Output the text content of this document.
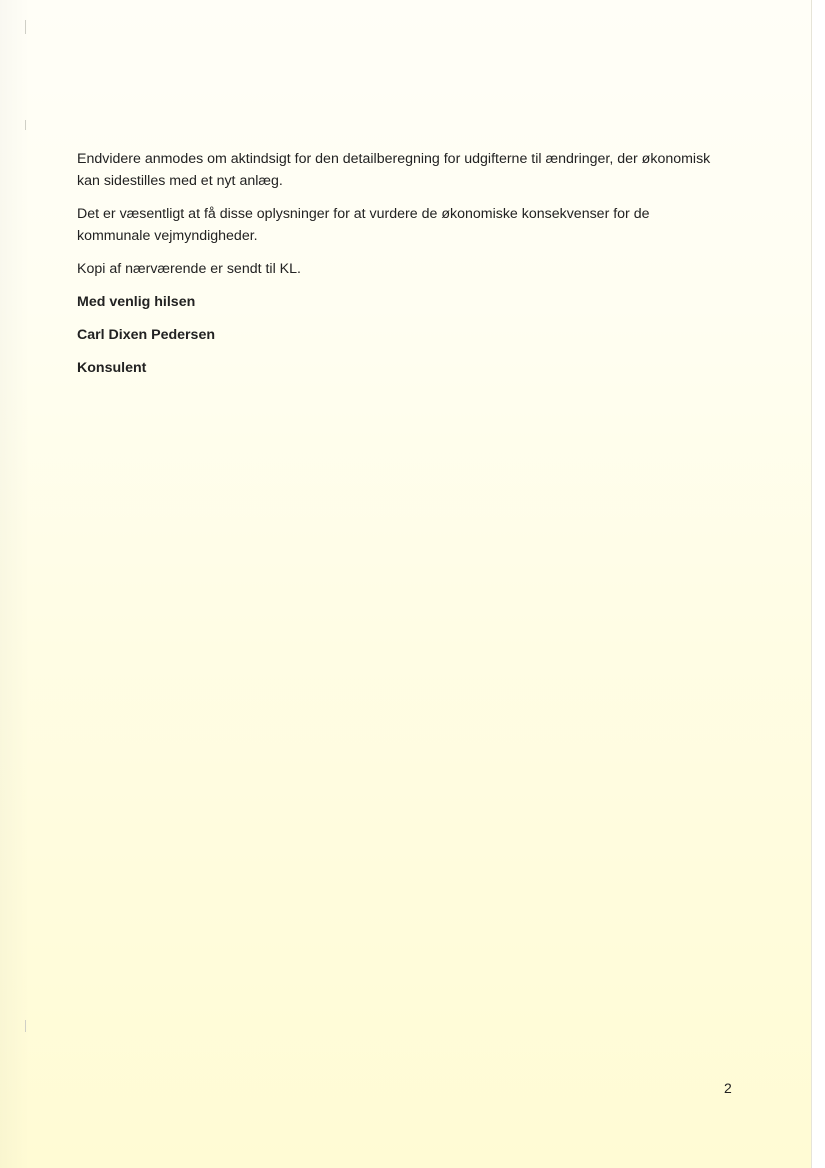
Endvidere anmodes om aktindsigt for den detailberegning for udgifterne til ændringer, der økonomisk kan sidestilles med et nyt anlæg.

Det er væsentligt at få disse oplysninger for at vurdere de økonomiske konsekvenser for de kommunale vejmyndigheder.

Kopi af nærværende er sendt til KL.

Med venlig hilsen

Carl Dixen Pedersen

Konsulent

2
